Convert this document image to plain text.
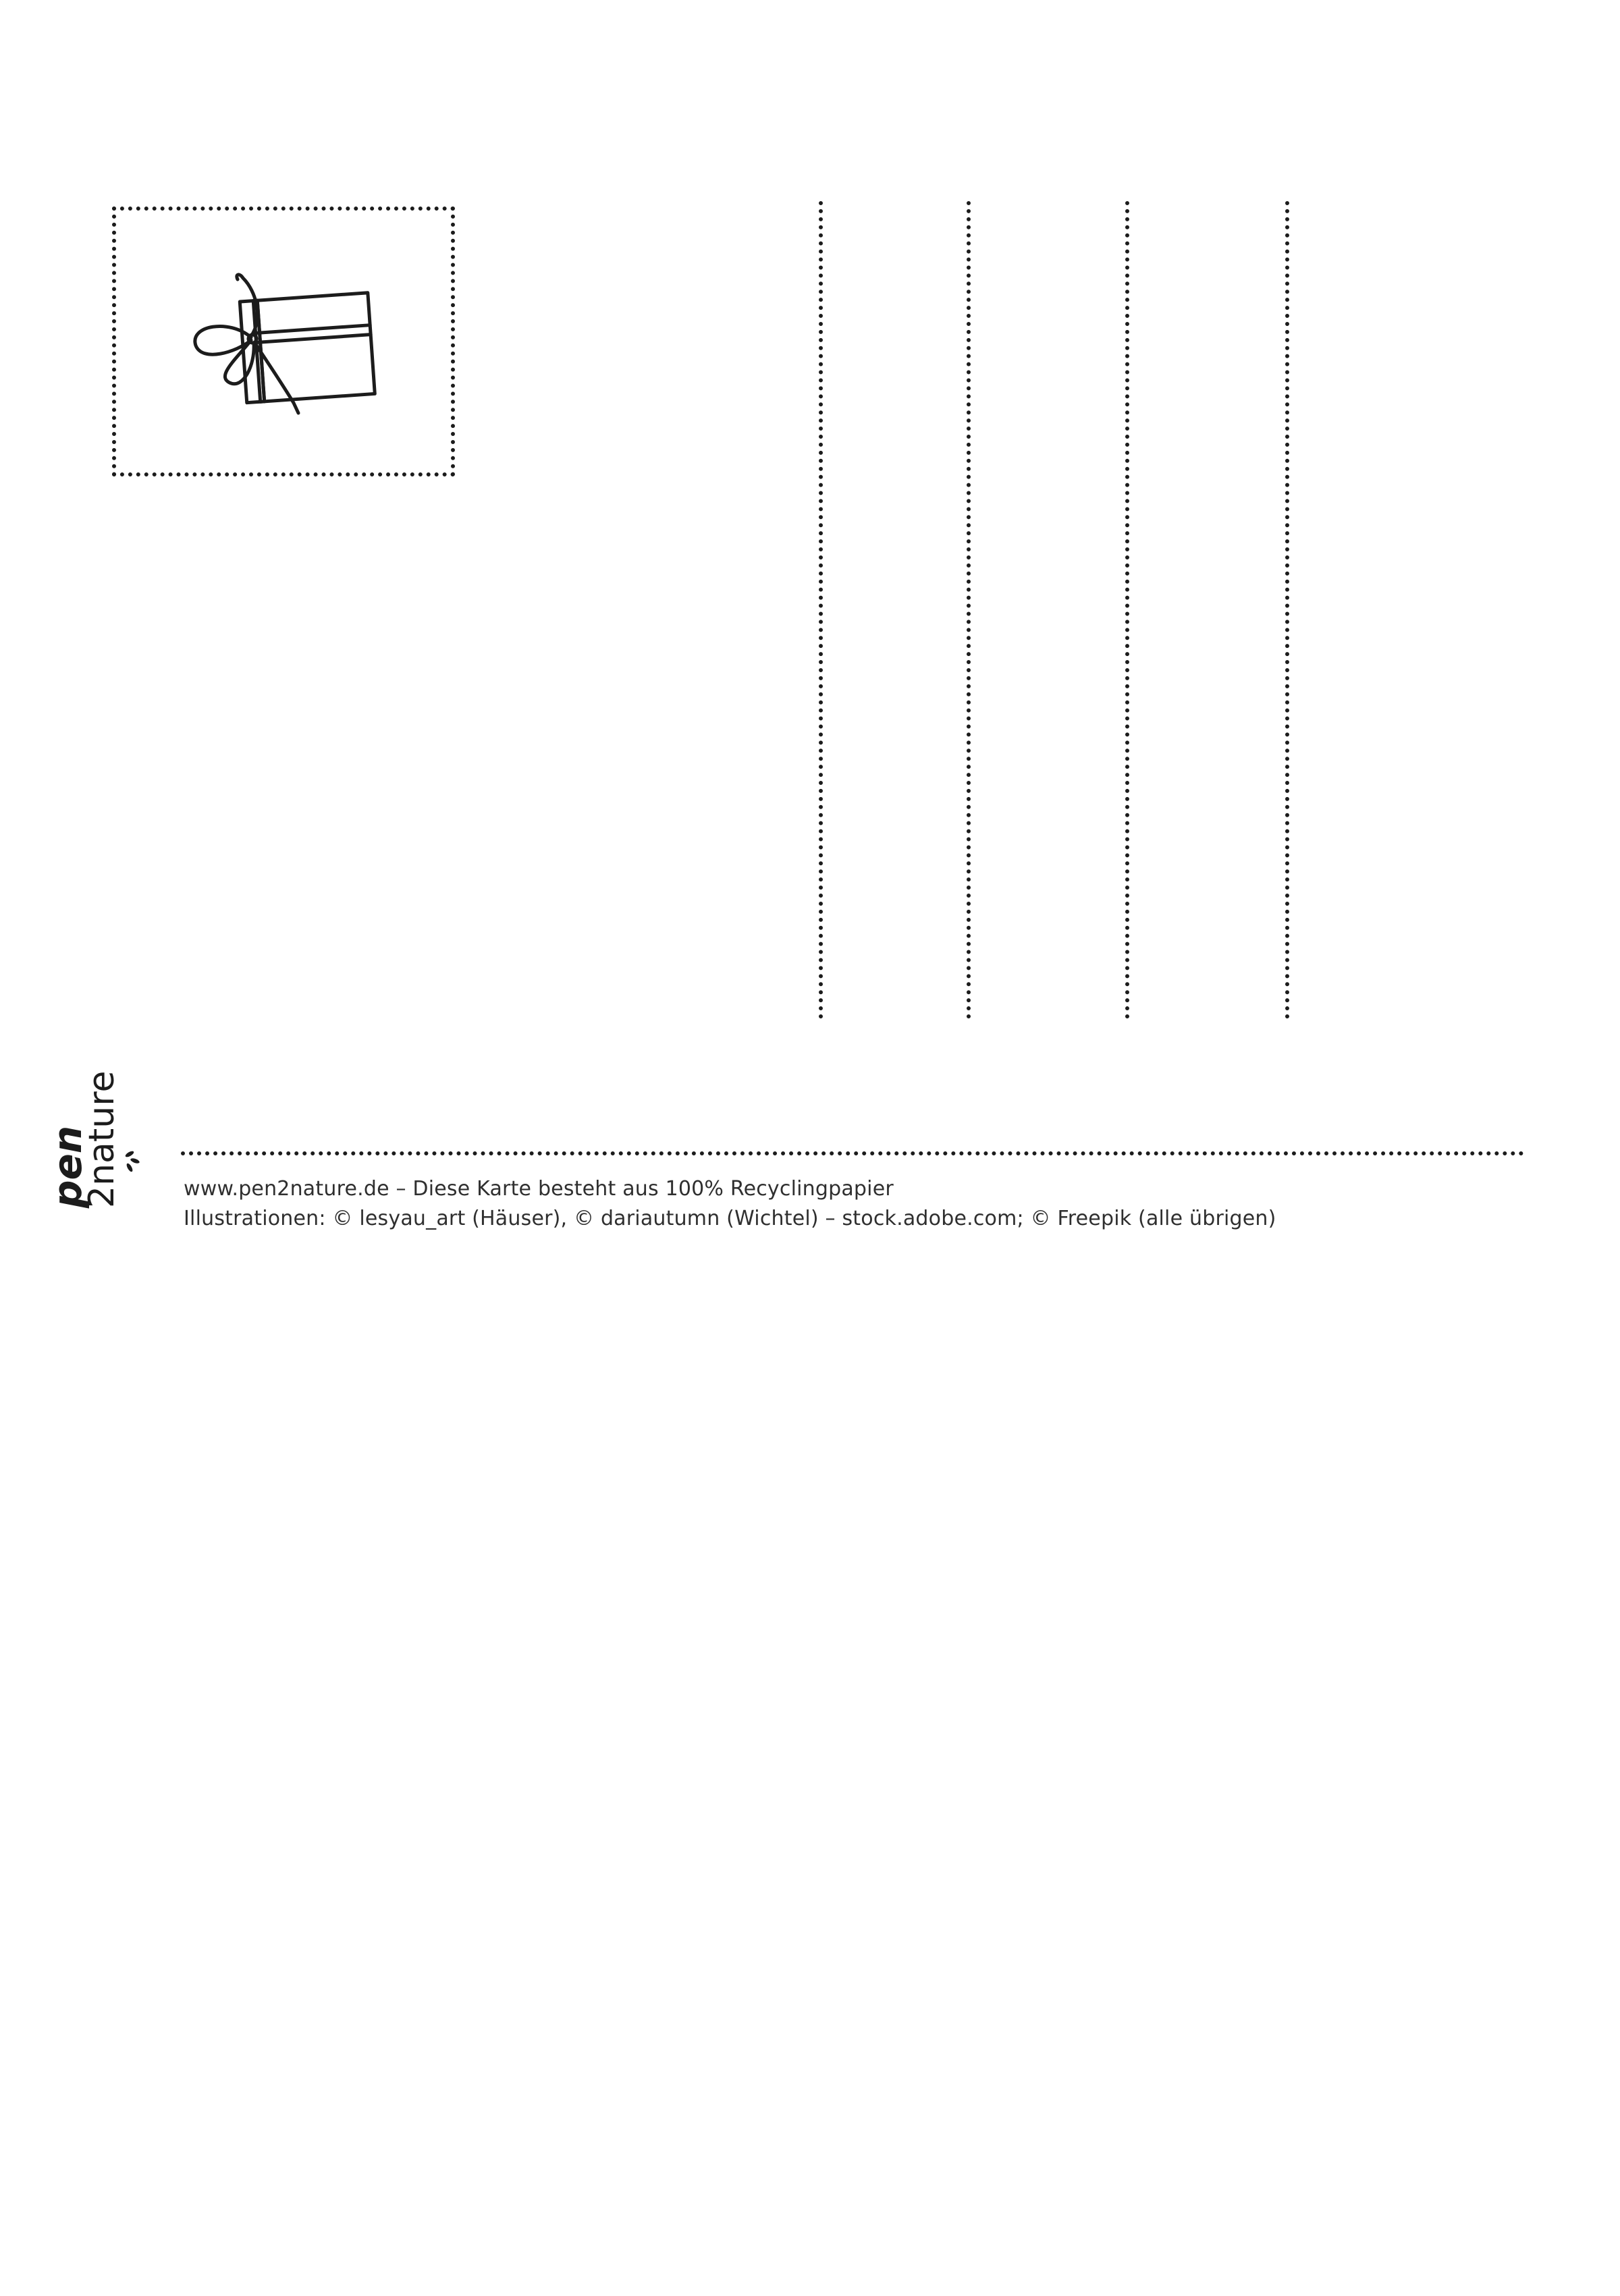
pen
2nature	www.pen2nature.de – Diese Karte besteht aus 100% Recyclingpapier
Illustrationen: © lesyau_art (Häuser), © dariautumn (Wichtel) – stock.adobe.com; © Freepik (alle übrigen)
